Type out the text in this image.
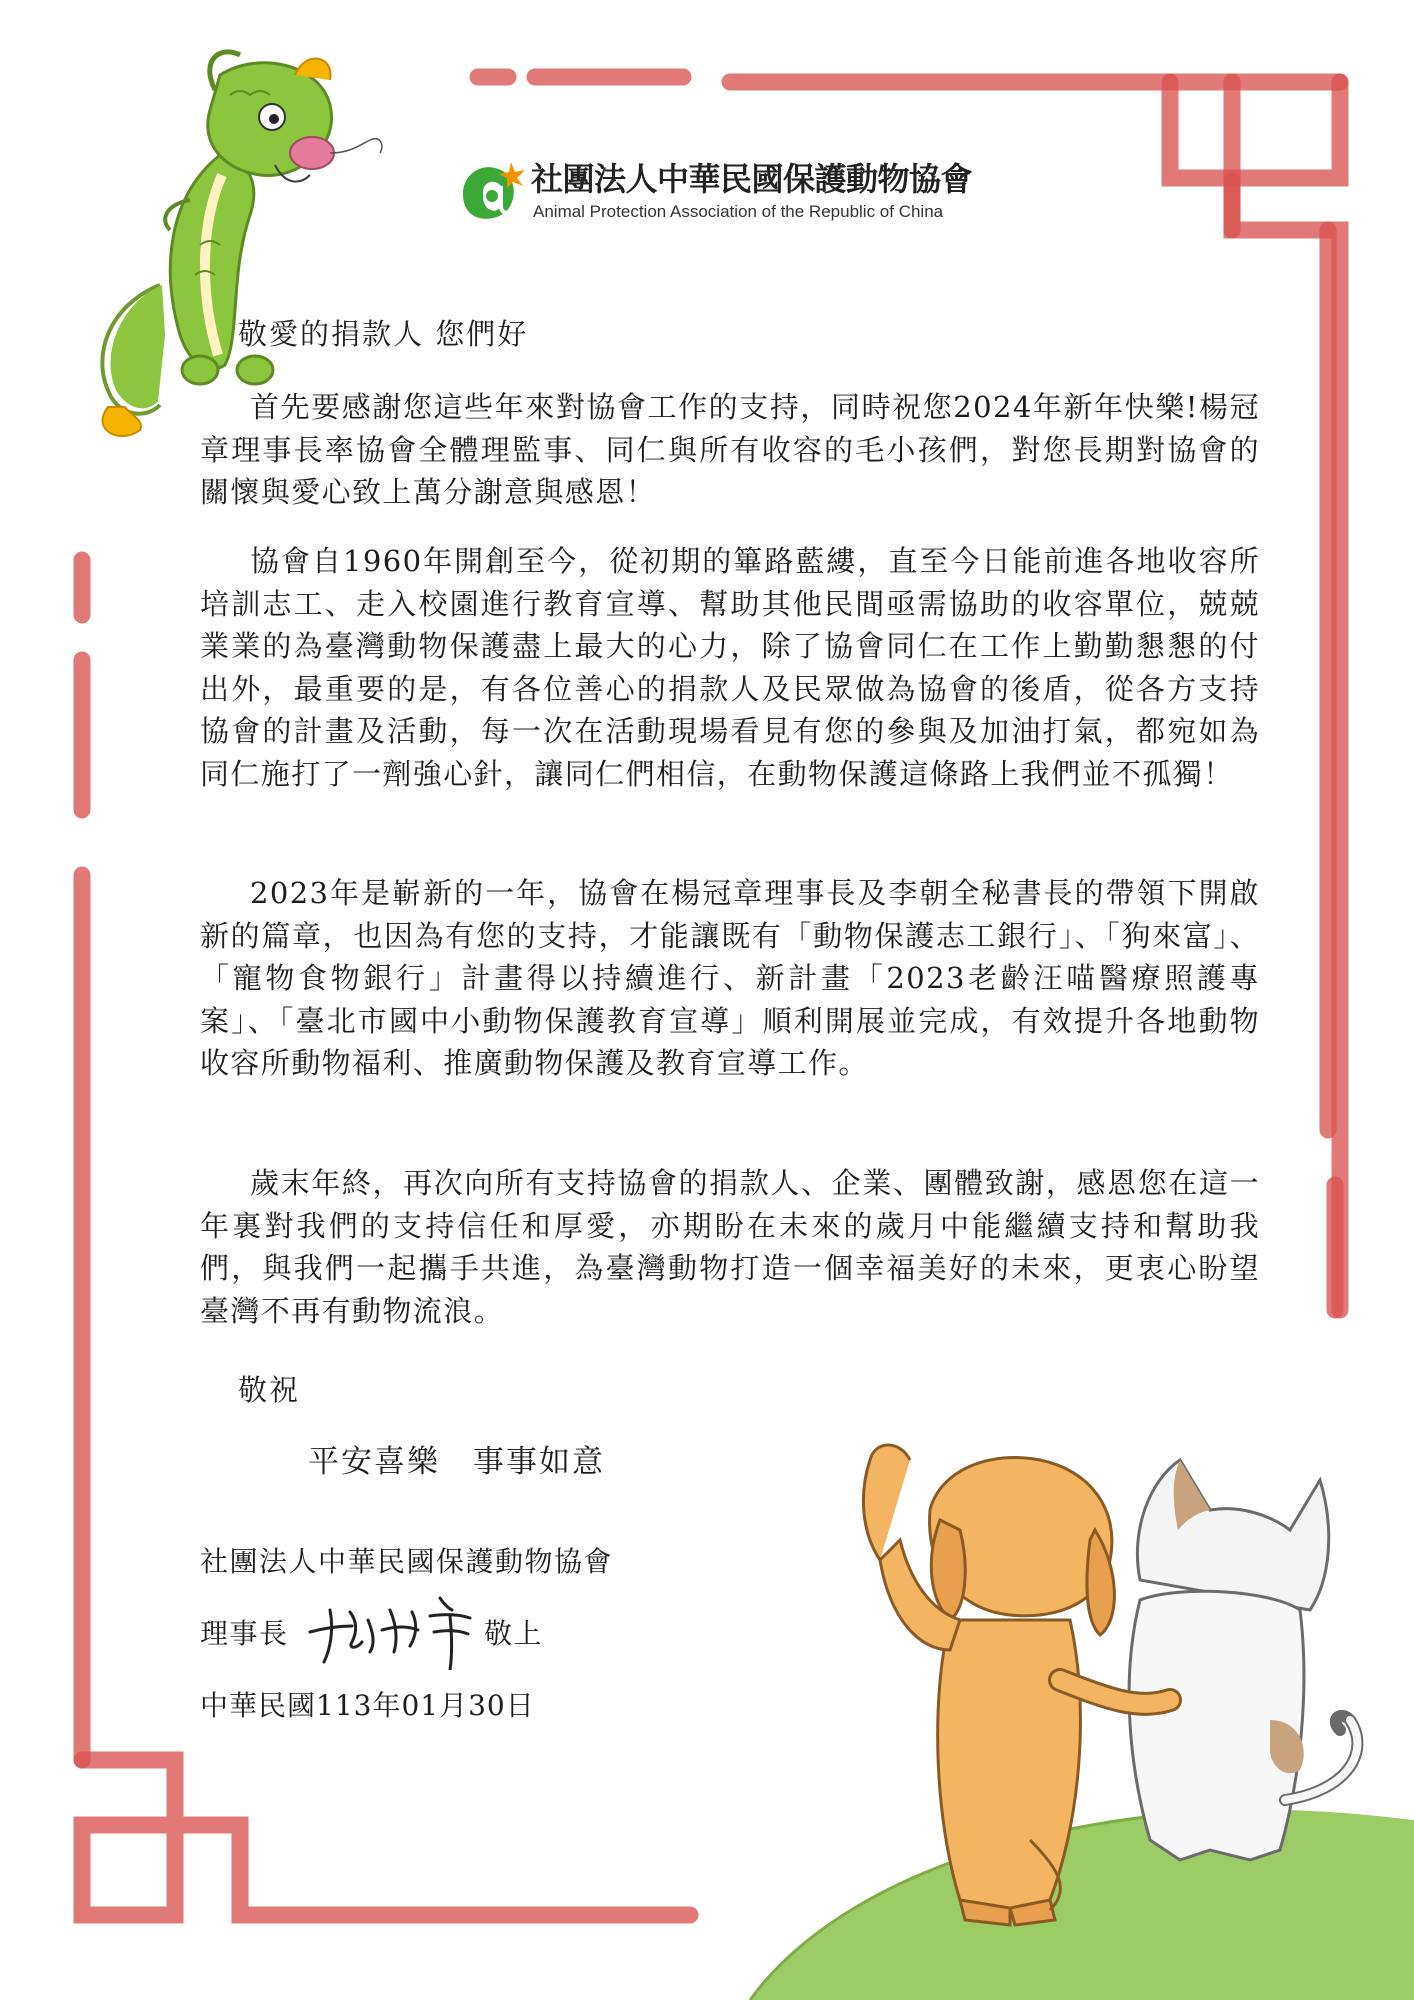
社團法人中華民國保護動物協會
Animal Protection Association of the Republic of China
敬愛的捐款人 您們好
首先要感謝您這些年來對協會工作的支持，同時祝您2024年新年快樂!楊冠章理事長率協會全體理監事、同仁與所有收容的毛小孩們，對您長期對協會的關懷與愛心致上萬分謝意與感恩！
協會自1960年開創至今，從初期的篳路藍縷，直至今日能前進各地收容所培訓志工、走入校園進行教育宣導、幫助其他民間亟需協助的收容單位，兢兢業業的為臺灣動物保護盡上最大的心力，除了協會同仁在工作上勤勤懇懇的付出外，最重要的是，有各位善心的捐款人及民眾做為協會的後盾，從各方支持協會的計畫及活動，每一次在活動現場看見有您的參與及加油打氣，都宛如為同仁施打了一劑強心針，讓同仁們相信，在動物保護這條路上我們並不孤獨！
2023年是嶄新的一年，協會在楊冠章理事長及李朝全秘書長的帶領下開啟新的篇章，也因為有您的支持，才能讓既有「動物保護志工銀行」、「狗來富」、「寵物食物銀行」計畫得以持續進行、新計畫「2023老齡汪喵醫療照護專案」、「臺北市國中小動物保護教育宣導」順利開展並完成，有效提升各地動物收容所動物福利、推廣動物保護及教育宣導工作。
歲末年終，再次向所有支持協會的捐款人、企業、團體致謝，感恩您在這一年裏對我們的支持信任和厚愛，亦期盼在未來的歲月中能繼續支持和幫助我們，與我們一起攜手共進，為臺灣動物打造一個幸福美好的未來，更衷心盼望臺灣不再有動物流浪。
敬祝
平安喜樂　事事如意
社團法人中華民國保護動物協會
理事長	敬上
中華民國113年01月30日
